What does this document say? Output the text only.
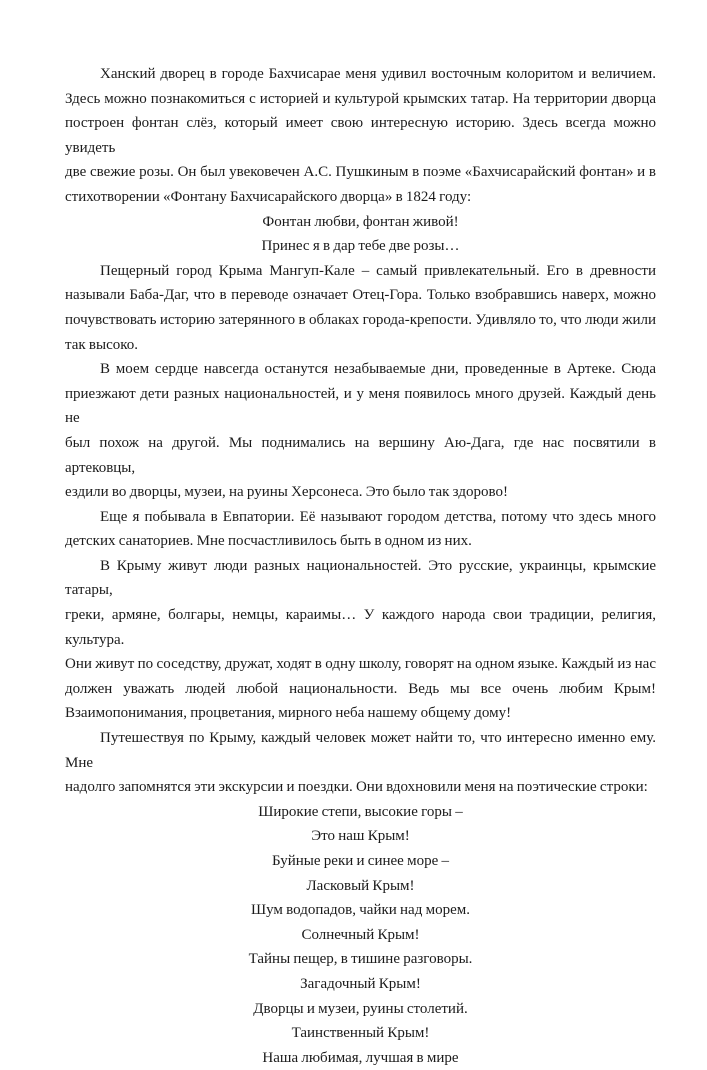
Ханский дворец в городе Бахчисарае меня удивил восточным колоритом и величием.
Здесь можно познакомиться с историей и культурой крымских татар. На территории дворца
построен фонтан слёз, который имеет свою интересную историю. Здесь всегда можно увидеть
две свежие розы. Он был увековечен А.С. Пушкиным в поэме «Бахчисарайский фонтан» и в
стихотворении «Фонтану Бахчисарайского дворца» в 1824 году:
Фонтан любви, фонтан живой!
Принес я в дар тебе две розы…
Пещерный город Крыма Мангуп-Кале – самый привлекательный. Его в древности
называли Баба-Даг, что в переводе означает Отец-Гора. Только взобравшись наверх, можно
почувствовать историю затерянного в облаках города-крепости. Удивляло то, что люди жили
так высоко.
В моем сердце навсегда останутся незабываемые дни, проведенные в Артеке. Сюда
приезжают дети разных национальностей, и у меня появилось много друзей. Каждый день не
был похож на другой. Мы поднимались на вершину Аю-Дага, где нас посвятили в артековцы,
ездили во дворцы, музеи, на руины Херсонеса. Это было так здорово!
Еще я побывала в Евпатории. Её называют городом детства, потому что здесь много
детских санаториев. Мне посчастливилось быть в одном из них.
В Крыму живут люди разных национальностей. Это русские, украинцы, крымские татары,
греки, армяне, болгары, немцы, караимы… У каждого народа свои традиции, религия, культура.
Они живут по соседству, дружат, ходят в одну школу, говорят на одном языке. Каждый из нас
должен уважать людей любой национальности. Ведь мы все очень любим Крым!
Взаимопонимания, процветания, мирного неба нашему общему дому!
Путешествуя по Крыму, каждый человек может найти то, что интересно именно ему. Мне
надолго запомнятся эти экскурсии и поездки. Они вдохновили меня на поэтические строки:
Широкие степи, высокие горы –
Это наш Крым!
Буйные реки и синее море –
Ласковый Крым!
Шум водопадов, чайки над морем.
Солнечный Крым!
Тайны пещер, в тишине разговоры.
Загадочный Крым!
Дворцы и музеи, руины столетий.
Таинственный Крым!
Наша любимая, лучшая в мире
